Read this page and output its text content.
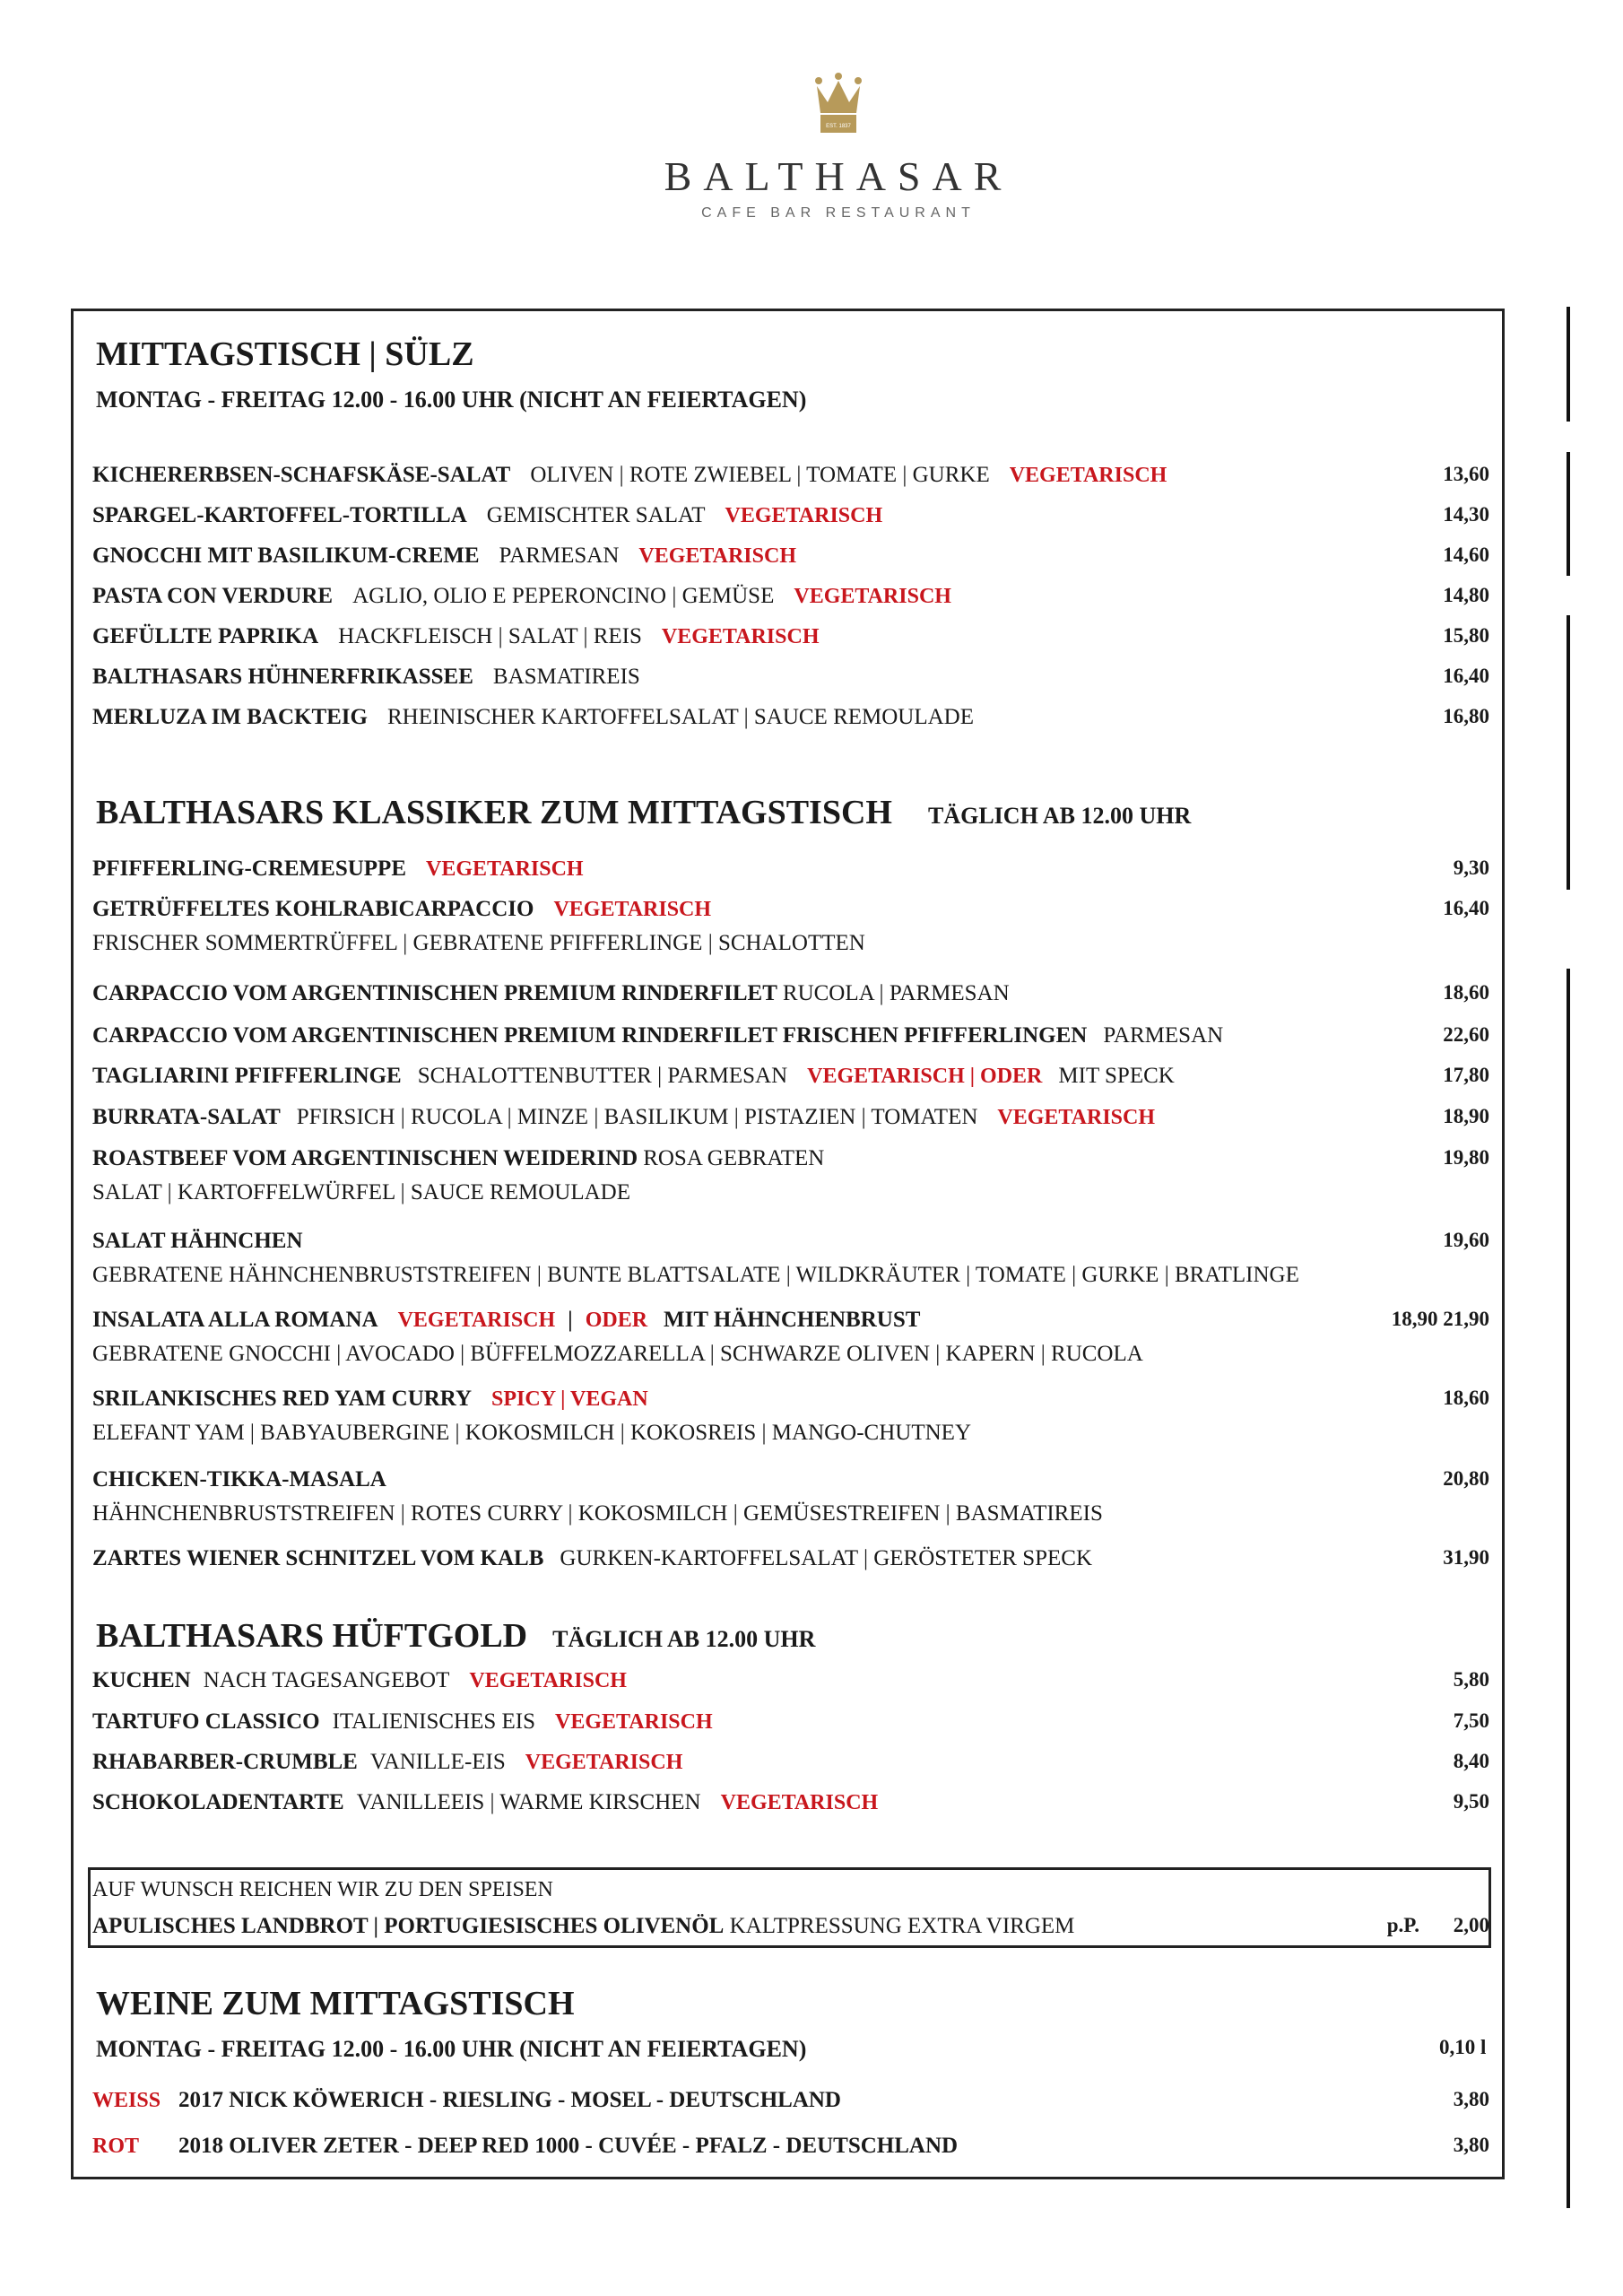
EST. 1837
BALTHASAR
CAFE BAR RESTAURANT
MITTAGSTISCH | SÜLZ
MONTAG - FREITAG 12.00 - 16.00 UHR (NICHT AN FEIERTAGEN)
KICHERERBSEN-SCHAFSKÄSE-SALAT OLIVEN | ROTE ZWIEBEL | TOMATE | GURKE VEGETARISCH	13,60
SPARGEL-KARTOFFEL-TORTILLA GEMISCHTER SALAT VEGETARISCH	14,30
GNOCCHI MIT BASILIKUM-CREME PARMESAN VEGETARISCH	14,60
PASTA CON VERDURE AGLIO, OLIO E PEPERONCINO | GEMÜSE VEGETARISCH	14,80
GEFÜLLTE PAPRIKA HACKFLEISCH | SALAT | REIS VEGETARISCH	15,80
BALTHASARS HÜHNERFRIKASSEE BASMATIREIS	16,40
MERLUZA IM BACKTEIG RHEINISCHER KARTOFFELSALAT | SAUCE REMOULADE	16,80
BALTHASARS KLASSIKER ZUM MITTAGSTISCH TÄGLICH AB 12.00 UHR
PFIFFERLING-CREMESUPPE VEGETARISCH	9,30
GETRÜFFELTES KOHLRABICARPACCIO VEGETARISCH	16,40
FRISCHER SOMMERTRÜFFEL | GEBRATENE PFIFFERLINGE | SCHALOTTEN
CARPACCIO VOM ARGENTINISCHEN PREMIUM RINDERFILET RUCOLA | PARMESAN	18,60
CARPACCIO VOM ARGENTINISCHEN PREMIUM RINDERFILET FRISCHEN PFIFFERLINGEN PARMESAN	22,60
TAGLIARINI PFIFFERLINGE SCHALOTTENBUTTER | PARMESAN VEGETARISCH | ODER MIT SPECK	17,80
BURRATA-SALAT PFIRSICH | RUCOLA | MINZE | BASILIKUM | PISTAZIEN | TOMATEN VEGETARISCH	18,90
ROASTBEEF VOM ARGENTINISCHEN WEIDERIND ROSA GEBRATEN	19,80
SALAT | KARTOFFELWÜRFEL | SAUCE REMOULADE
SALAT HÄHNCHEN	19,60
GEBRATENE HÄHNCHENBRUSTSTREIFEN | BUNTE BLATTSALATE | WILDKRÄUTER | TOMATE | GURKE | BRATLINGE
INSALATA ALLA ROMANA VEGETARISCH | ODER MIT HÄHNCHENBRUST	18,90 21,90
GEBRATENE GNOCCHI | AVOCADO | BÜFFELMOZZARELLA | SCHWARZE OLIVEN | KAPERN | RUCOLA
SRILANKISCHES RED YAM CURRY SPICY | VEGAN	18,60
ELEFANT YAM | BABYAUBERGINE | KOKOSMILCH | KOKOSREIS | MANGO-CHUTNEY
CHICKEN-TIKKA-MASALA	20,80
HÄHNCHENBRUSTSTREIFEN | ROTES CURRY | KOKOSMILCH | GEMÜSESTREIFEN | BASMATIREIS
ZARTES WIENER SCHNITZEL VOM KALB GURKEN-KARTOFFELSALAT | GERÖSTETER SPECK	31,90
BALTHASARS HÜFTGOLD TÄGLICH AB 12.00 UHR
KUCHEN NACH TAGESANGEBOT VEGETARISCH	5,80
TARTUFO CLASSICO ITALIENISCHES EIS VEGETARISCH	7,50
RHABARBER-CRUMBLE VANILLE-EIS VEGETARISCH	8,40
SCHOKOLADENTARTE VANILLEEIS | WARME KIRSCHEN VEGETARISCH	9,50
AUF WUNSCH REICHEN WIR ZU DEN SPEISEN
APULISCHES LANDBROT | PORTUGIESISCHES OLIVENÖL KALTPRESSUNG EXTRA VIRGEM	p.P. 2,00
WEINE ZUM MITTAGSTISCH
MONTAG - FREITAG 12.00 - 16.00 UHR (NICHT AN FEIERTAGEN)	0,10 l
WEISS 2017 NICK KÖWERICH - RIESLING - MOSEL - DEUTSCHLAND	3,80
ROT 2018 OLIVER ZETER - DEEP RED 1000 - CUVÉE - PFALZ - DEUTSCHLAND	3,80
